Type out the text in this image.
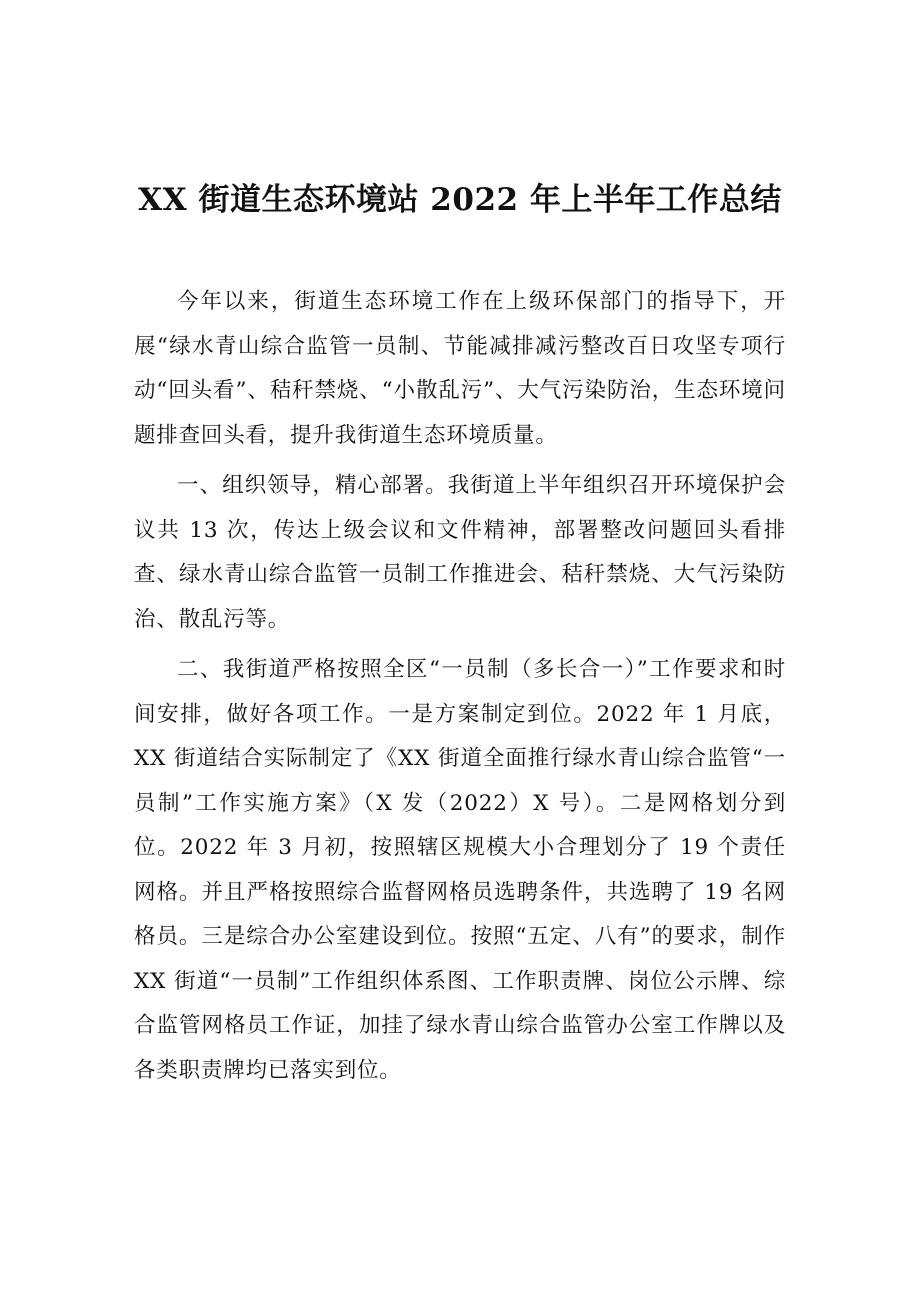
XX 街道生态环境站 2022 年上半年工作总结

今年以来，街道生态环境工作在上级环保部门的指导下，开展“绿水青山综合监管一员制、节能减排减污整改百日攻坚专项行动“回头看”、秸秆禁烧、“小散乱污”、大气污染防治，生态环境问题排查回头看，提升我街道生态环境质量。

一、组织领导，精心部署。我街道上半年组织召开环境保护会议共 13 次，传达上级会议和文件精神，部署整改问题回头看排查、绿水青山综合监管一员制工作推进会、秸秆禁烧、大气污染防治、散乱污等。

二、我街道严格按照全区“一员制（多长合一）”工作要求和时间安排，做好各项工作。一是方案制定到位。2022 年 1 月底，XX 街道结合实际制定了《XX 街道全面推行绿水青山综合监管“一员制”工作实施方案》（X 发（2022）X 号）。二是网格划分到位。2022 年 3 月初，按照辖区规模大小合理划分了 19 个责任网格。并且严格按照综合监督网格员选聘条件，共选聘了 19 名网格员。三是综合办公室建设到位。按照“五定、八有”的要求，制作 XX 街道“一员制”工作组织体系图、工作职责牌、岗位公示牌、综合监管网格员工作证，加挂了绿水青山综合监管办公室工作牌以及各类职责牌均已落实到位。
